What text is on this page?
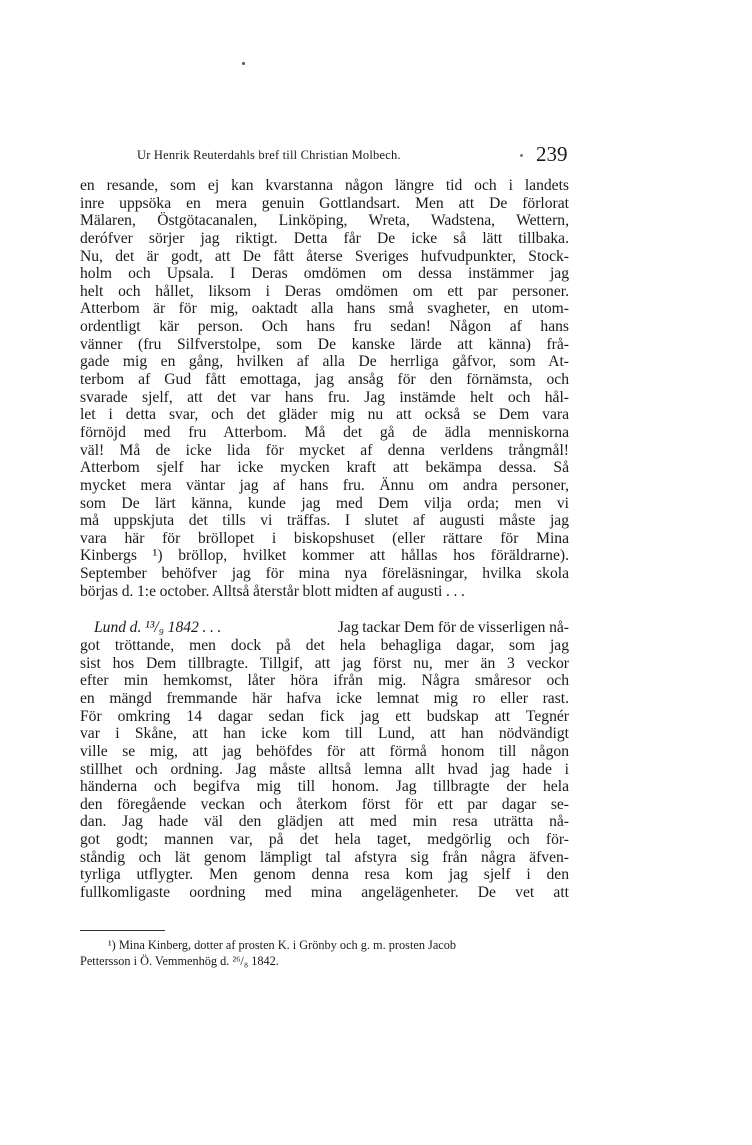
Ur Henrik Reuterdahls bref till Christian Molbech.	239
en resande, som ej kan kvarstanna någon längre tid och i landets
inre uppsöka en mera genuin Gottlandsart. Men att De förlorat
Mälaren, Östgötacanalen, Linköping, Wreta, Wadstena, Wettern,
derófver sörjer jag riktigt. Detta får De icke så lätt tillbaka.
Nu, det är godt, att De fått återse Sveriges hufvudpunkter, Stock-
holm och Upsala. I Deras omdömen om dessa instämmer jag
helt och hållet, liksom i Deras omdömen om ett par personer.
Atterbom är för mig, oaktadt alla hans små svagheter, en utom-
ordentligt kär person. Och hans fru sedan! Någon af hans
vänner (fru Silfverstolpe, som De kanske lärde att känna) frå-
gade mig en gång, hvilken af alla De herrliga gåfvor, som At-
terbom af Gud fått emottaga, jag ansåg för den förnämsta, och
svarade sjelf, att det var hans fru. Jag instämde helt och hål-
let i detta svar, och det gläder mig nu att också se Dem vara
förnöjd med fru Atterbom. Må det gå de ädla menniskorna
väl! Må de icke lida för mycket af denna verldens trångmål!
Atterbom sjelf har icke mycken kraft att bekämpa dessa. Så
mycket mera väntar jag af hans fru. Ännu om andra personer,
som De lärt känna, kunde jag med Dem vilja orda; men vi
må uppskjuta det tills vi träffas. I slutet af augusti måste jag
vara här för bröllopet i biskopshuset (eller rättare för Mina
Kinbergs ¹) bröllop, hvilket kommer att hållas hos föräldrarne).
September behöfver jag för mina nya föreläsningar, hvilka skola
börjas d. 1:e october. Alltså återstår blott midten af augusti . . .
Lund d. ¹³/₉ 1842 . . .	Jag tackar Dem för de visserligen nå-
got tröttande, men dock på det hela behagliga dagar, som jag
sist hos Dem tillbragte. Tillgif, att jag först nu, mer än 3 veckor
efter min hemkomst, låter höra ifrån mig. Några småresor och
en mängd fremmande här hafva icke lemnat mig ro eller rast.
För omkring 14 dagar sedan fick jag ett budskap att Tegnér
var i Skåne, att han icke kom till Lund, att han nödvändigt
ville se mig, att jag behöfdes för att förmå honom till någon
stillhet och ordning. Jag måste alltså lemna allt hvad jag hade i
händerna och begifva mig till honom. Jag tillbragte der hela
den föregående veckan och återkom först för ett par dagar se-
dan. Jag hade väl den glädjen att med min resa uträtta nå-
got godt; mannen var, på det hela taget, medgörlig och för-
ståndig och lät genom lämpligt tal afstyra sig från några äfven-
tyrliga utflygter. Men genom denna resa kom jag sjelf i den
fullkomligaste oordning med mina angelägenheter. De vet att
¹) Mina Kinberg, dotter af prosten K. i Grönby och g. m. prosten Jacob
Pettersson i Ö. Vemmenhög d. ²⁶/₈ 1842.
